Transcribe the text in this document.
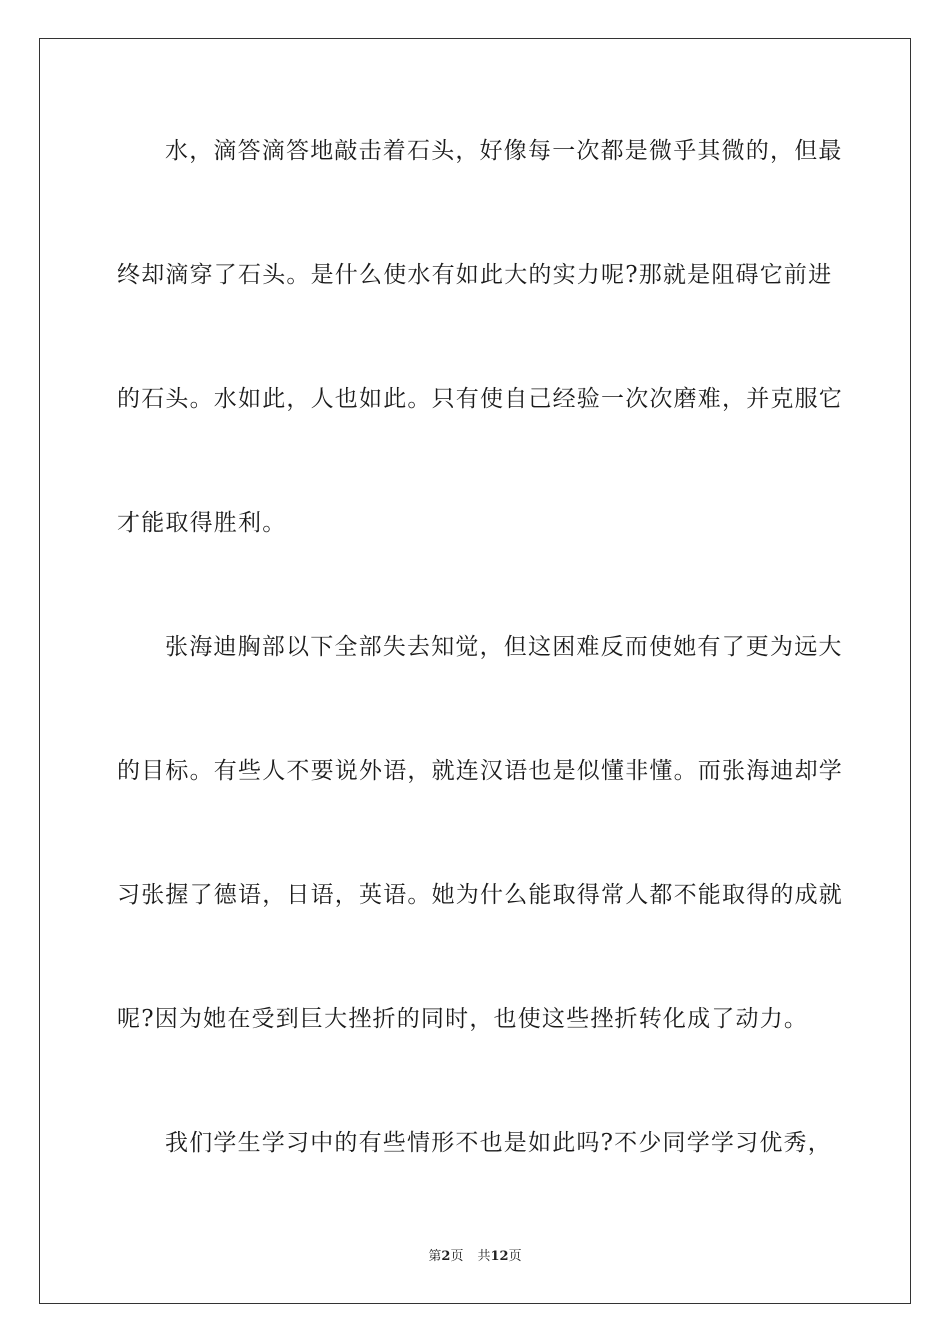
水，滴答滴答地敲击着石头，好像每一次都是微乎其微的，但最
终却滴穿了石头。是什么使水有如此大的实力呢?那就是阻碍它前进
的石头。水如此，人也如此。只有使自己经验一次次磨难，并克服它
才能取得胜利。
张海迪胸部以下全部失去知觉，但这困难反而使她有了更为远大
的目标。有些人不要说外语，就连汉语也是似懂非懂。而张海迪却学
习张握了德语，日语，英语。她为什么能取得常人都不能取得的成就
呢?因为她在受到巨大挫折的同时，也使这些挫折转化成了动力。
我们学生学习中的有些情形不也是如此吗?不少同学学习优秀，
第2页 共12页
